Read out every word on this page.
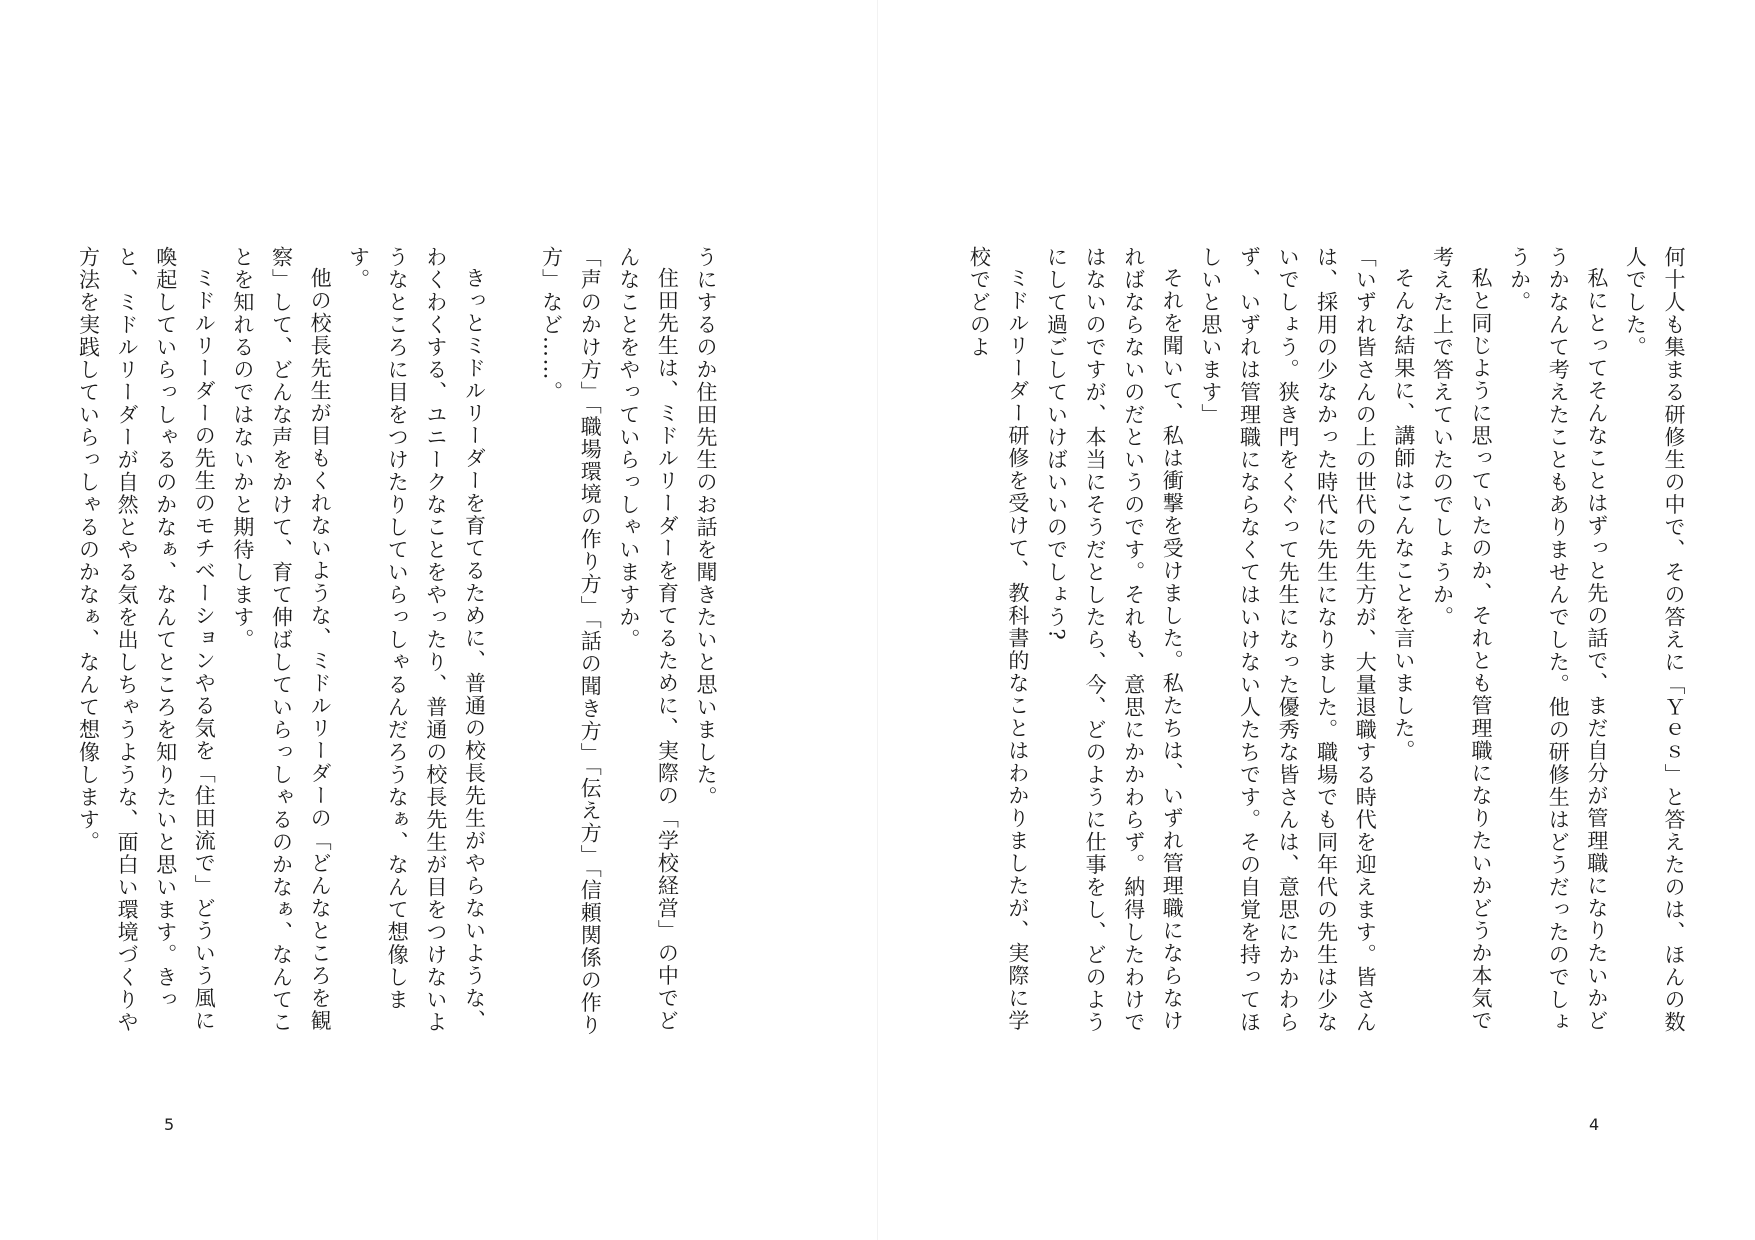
何十人も集まる研修生の中で、その答えに「Ｙｅｓ」と答えたのは、ほんの数人でした。

私にとってそんなことはずっと先の話で、まだ自分が管理職になりたいかどうかなんて考えたこともありませんでした。他の研修生はどうだったのでしょうか。

私と同じように思っていたのか、それとも管理職になりたいかどうか本気で考えた上で答えていたのでしょうか。

そんな結果に、講師はこんなことを言いました。

「いずれ皆さんの上の世代の先生方が、大量退職する時代を迎えます。皆さんは、採用の少なかった時代に先生になりました。職場でも同年代の先生は少ないでしょう。狭き門をくぐって先生になった優秀な皆さんは、意思にかかわらず、いずれは管理職にならなくてはいけない人たちです。その自覚を持ってほしいと思います」

それを聞いて、私は衝撃を受けました。私たちは、いずれ管理職にならなければならないのだというのです。それも、意思にかかわらず。納得したわけではないのですが、本当にそうだとしたら、今、どのように仕事をし、どのようにして過ごしていけばいいのでしょう?

ミドルリーダー研修を受けて、教科書的なことはわかりましたが、実際に学校でどのよ

4

うにするのか住田先生のお話を聞きたいと思いました。

住田先生は、ミドルリーダーを育てるために、実際の「学校経営」の中でどんなことをやっていらっしゃいますか。

「声のかけ方」「職場環境の作り方」「話の聞き方」「伝え方」「信頼関係の作り方」など……。

きっとミドルリーダーを育てるために、普通の校長先生がやらないような、わくわくする、ユニークなことをやったり、普通の校長先生が目をつけないようなところに目をつけたりしていらっしゃるんだろうなぁ、なんて想像します。

他の校長先生が目もくれないような、ミドルリーダーの「どんなところを観察」して、どんな声をかけて、育て伸ばしていらっしゃるのかなぁ、なんてことを知れるのではないかと期待します。

ミドルリーダーの先生のモチベーションやる気を「住田流で」どういう風に喚起していらっしゃるのかなぁ、なんてところを知りたいと思います。きっと、ミドルリーダーが自然とやる気を出しちゃうような、面白い環境づくりや方法を実践していらっしゃるのかなぁ、なんて想像します。

5
